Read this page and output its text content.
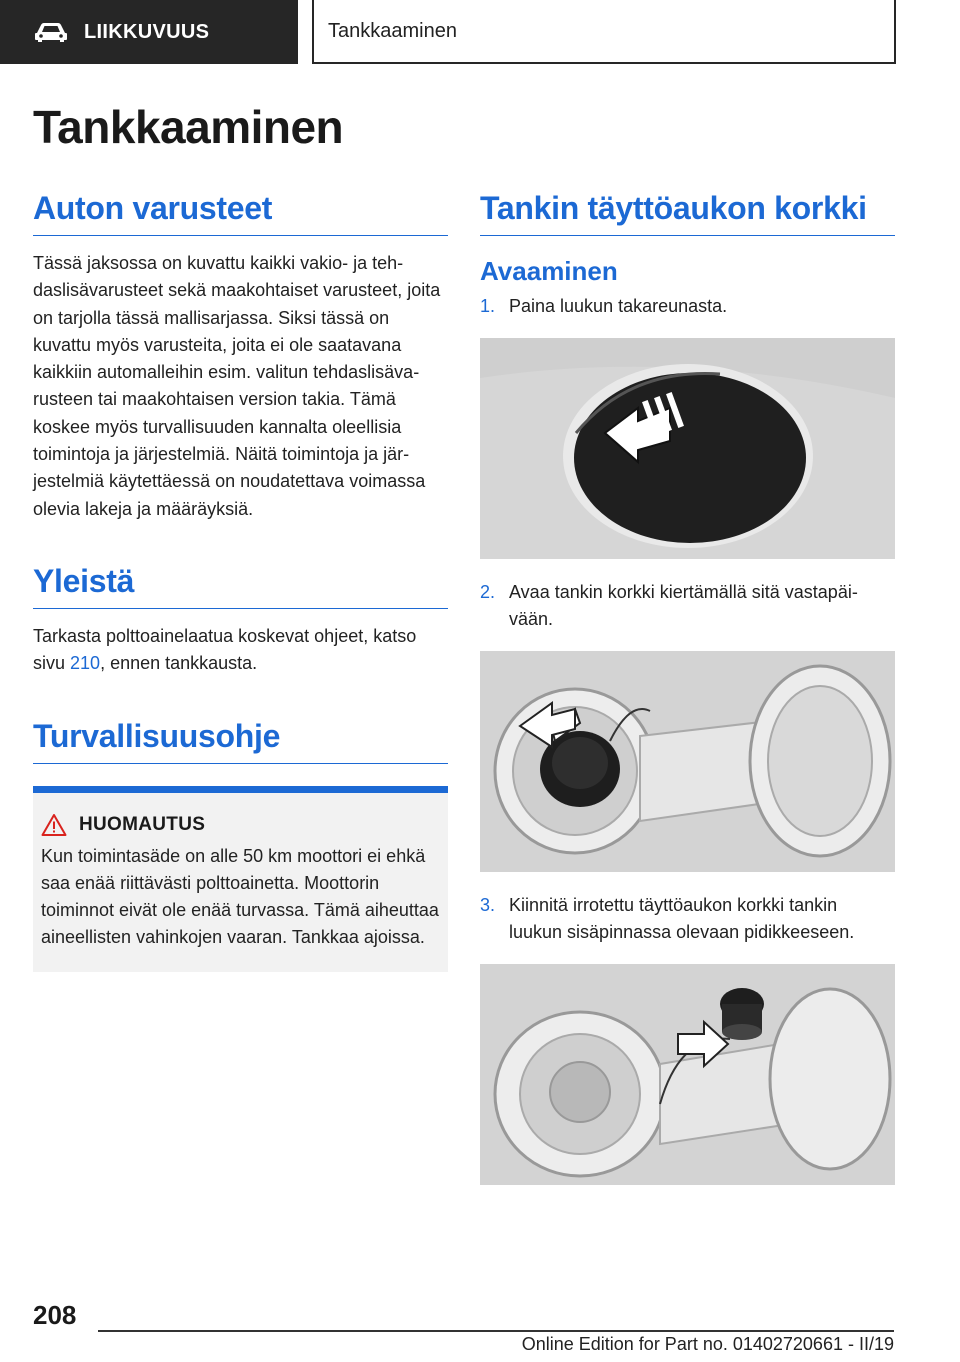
LIIKKUVUUS	Tankkaaminen
Tankkaaminen
Auton varusteet

Tässä jaksossa on kuvattu kaikki vakio- ja tehdaslisävarusteet sekä maakohtaiset varusteet, joita on tarjolla tässä mallisarjassa. Siksi tässä on kuvattu myös varusteita, joita ei ole saatavana kaikkiin automalleihin esim. valitun tehdaslisävarusteen tai maakohtaisen version takia. Tämä koskee myös turvallisuuden kannalta oleellisia toimintoja ja järjestelmiä. Näitä toimintoja ja järjestelmiä käytettäessä on noudatettava voimassa olevia lakeja ja määräyksiä.

Yleistä

Tarkasta polttoainelaatua koskevat ohjeet, katso sivu 210, ennen tankkausta.

Turvallisuusohje
HUOMAUTUS

Kun toimintasäde on alle 50 km moottori ei ehkä saa enää riittävästi polttoainetta. Moottorin toiminnot eivät ole enää turvassa. Tämä aiheuttaa aineellisten vahinkojen vaaran. Tankkaa ajoissa.

Tankin täyttöaukon korkki
Avaaminen
1. Paina luukun takareunasta.
2. Avaa tankin korkki kiertämällä sitä vastapäivään.
3. Kiinnitä irrotettu täyttöaukon korkki tankin luukun sisäpinnassa olevaan pidikkeeseen.
208
Online Edition for Part no. 01402720661 - II/19
